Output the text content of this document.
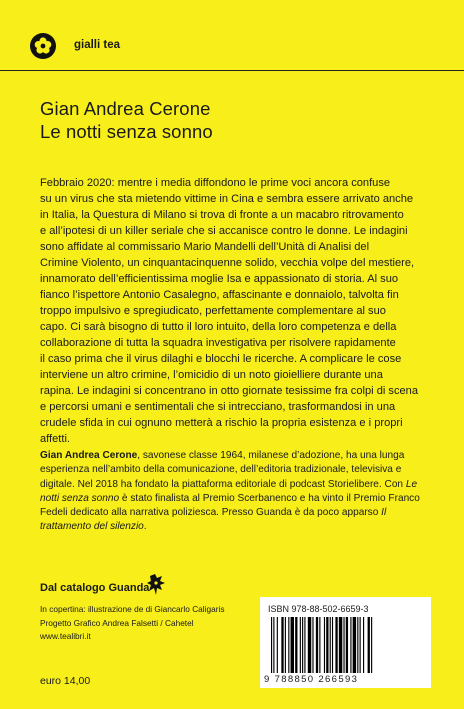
gialli tea
Gian Andrea Cerone
Le notti senza sonno

Febbraio 2020: mentre i media diffondono le prime voci ancora confuse
su un virus che sta mietendo vittime in Cina e sembra essere arrivato anche
in Italia, la Questura di Milano si trova di fronte a un macabro ritrovamento
e all’ipotesi di un killer seriale che si accanisce contro le donne. Le indagini
sono affidate al commissario Mario Mandelli dell’Unità di Analisi del
Crimine Violento, un cinquantacinquenne solido, vecchia volpe del mestiere,
innamorato dell’efficientissima moglie Isa e appassionato di storia. Al suo
fianco l’ispettore Antonio Casalegno, affascinante e donnaiolo, talvolta fin
troppo impulsivo e spregiudicato, perfettamente complementare al suo
capo. Ci sarà bisogno di tutto il loro intuito, della loro competenza e della
collaborazione di tutta la squadra investigativa per risolvere rapidamente
il caso prima che il virus dilaghi e blocchi le ricerche. A complicare le cose
interviene un altro crimine, l’omicidio di un noto gioielliere durante una
rapina. Le indagini si concentrano in otto giornate tesissime fra colpi di scena
e percorsi umani e sentimentali che si intrecciano, trasformandosi in una
crudele sfida in cui ognuno metterà a rischio la propria esistenza e i propri
affetti.

Gian Andrea Cerone, savonese classe 1964, milanese d’adozione, ha una lunga esperienza nell’ambito della comunicazione, dell’editoria tradizionale, televisiva e digitale. Nel 2018 ha fondato la piattaforma editoriale di podcast Storielibere. Con Le notti senza sonno è stato finalista al Premio Scerbanenco e ha vinto il Premio Franco Fedeli dedicato alla narrativa poliziesca. Presso Guanda è da poco apparso Il trattamento del silenzio.

Dal catalogo Guanda
In copertina: illustrazione de di Giancarlo Caligaris
Progetto Grafico Andrea Falsetti / Cahetel
www.tealibri.it
euro 14,00
ISBN 978-88-502-6659-3
9 788850 266593
